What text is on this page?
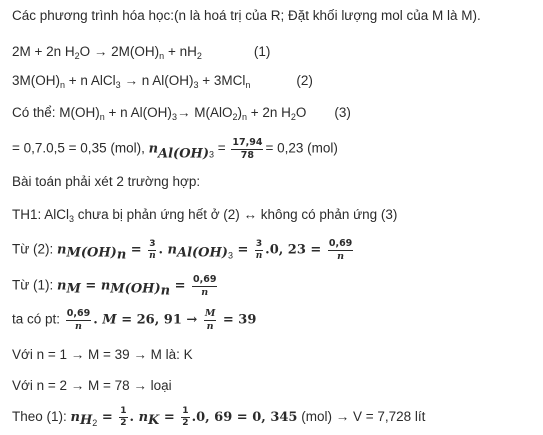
Các phương trình hóa học:(n là hoá trị của R; Đặt khối lượng mol của M là M).
2M + 2n $H_2O \to 2M(OH)_n + nH_2$	(1)
$3M(OH)_n + n$ AlCl$_3$ → n $Al(OH)_3 + 3MCl_n$	(2)
Có thể: $M(OH)_n + n$ $Al(OH)_3\to M(AlO_2)_n + 2n$ $H_2O$ (3)
= 0,7.0,5 = 0,35 (mol), $n_{Al(OH)3} = \frac{17,94}{78} = 0,23$ (mol)
Bài toán phải xét 2 trường hợp:
TH1: AlCl$_3$ chưa bị phản ứng hết ở (2) ↔ không có phản ứng (3)
Từ (2): $n_{M(OH)n} = \frac{3}{n}$ . $n_{Al(OH)3} = \frac{3}{n} .0$, $23 = \frac{0,69}{n}$
Từ (1): $n_M = n_{M(OH)n} = \frac{0,69}{n}$
ta có pt: $\frac{0,69}{n}$ . M = 26, $91 \to \frac{M}{n} = 39$
Với n = 1 → M = 39 → M là: K
Với n = 2 → M = 78 → loại
Theo (1): $n_{H2} = \frac{1}{2}$ . $n_K = \frac{1}{2} .0$, 69 = 0, 345 (mol) → V = 7,728 lít
